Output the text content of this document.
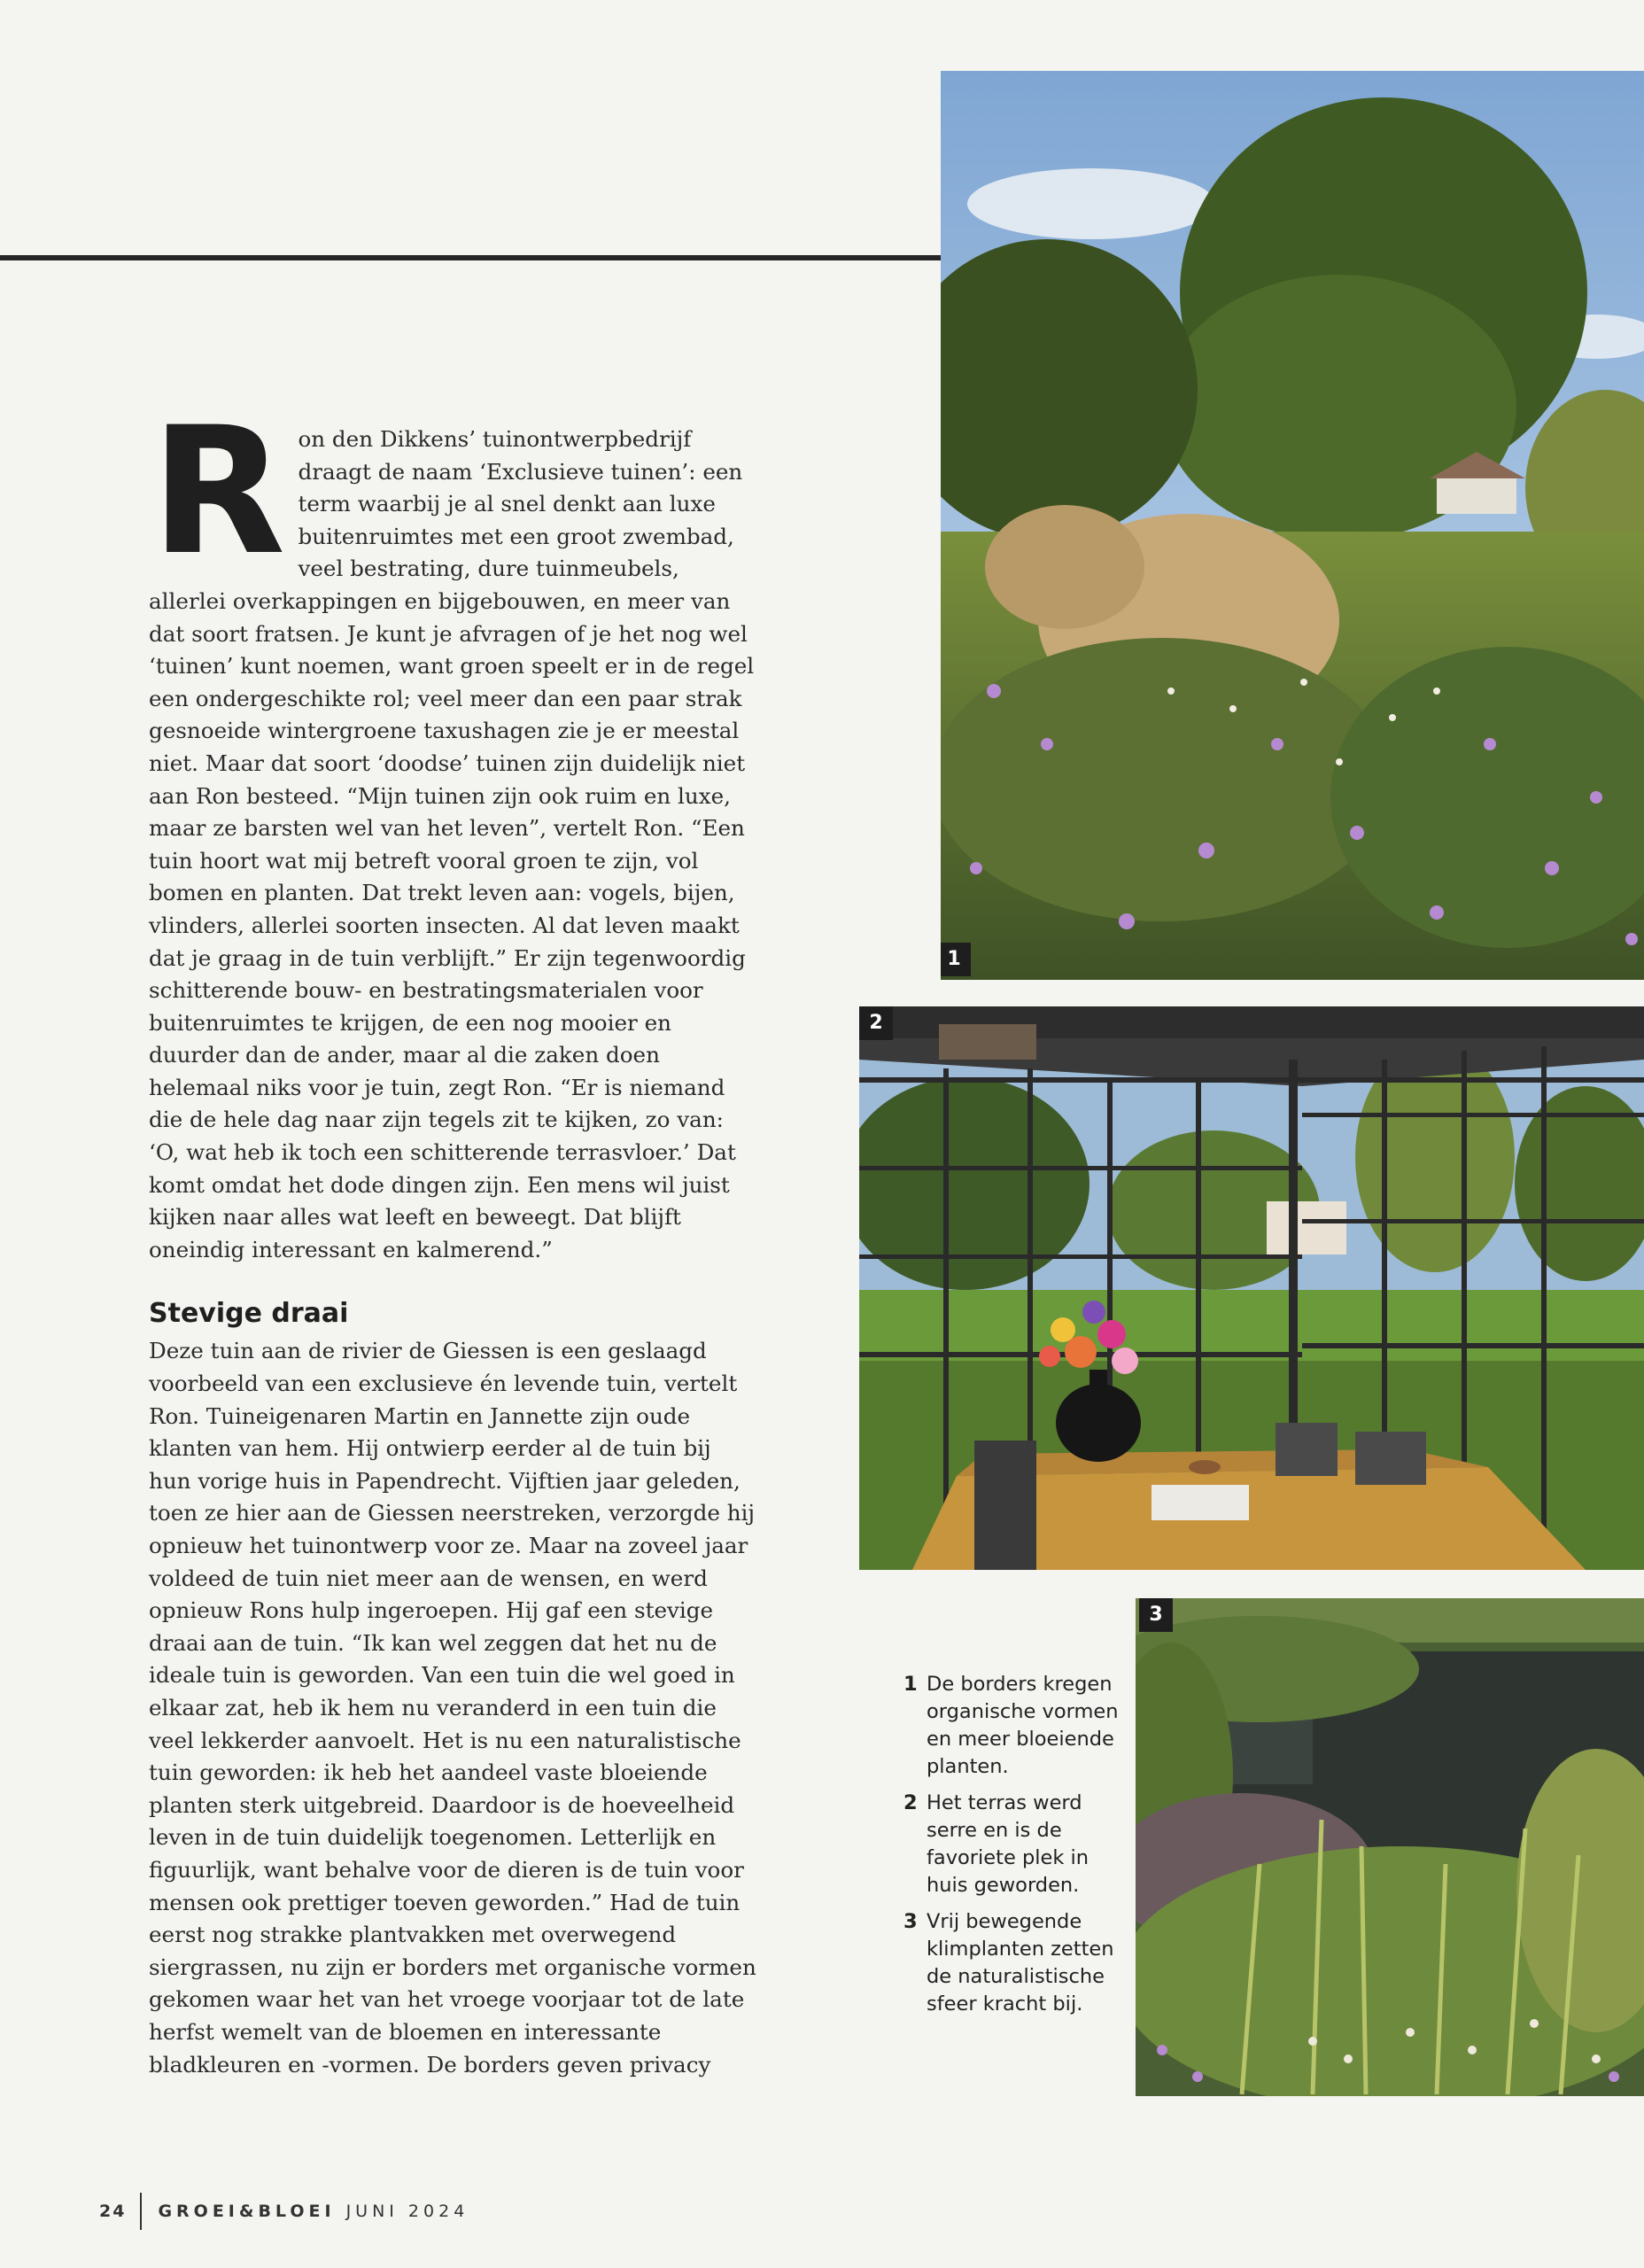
1
2
3

Ron den Dikkens’ tuinontwerpbedrijf draagt de naam ‘Exclusieve tuinen’: een term waarbij je al snel denkt aan luxe buitenruimtes met een groot zwembad, veel bestrating, dure tuinmeubels, allerlei overkappingen en bijgebouwen, en meer van dat soort fratsen. Je kunt je afvragen of je het nog wel ‘tuinen’ kunt noemen, want groen speelt er in de regel een ondergeschikte rol; veel meer dan een paar strak gesnoeide wintergroene taxushagen zie je er meestal niet. Maar dat soort ‘doodse’ tuinen zijn duidelijk niet aan Ron besteed. “Mijn tuinen zijn ook ruim en luxe, maar ze barsten wel van het leven”, vertelt Ron. “Een tuin hoort wat mij betreft vooral groen te zijn, vol bomen en planten. Dat trekt leven aan: vogels, bijen, vlinders, allerlei soorten insecten. Al dat leven maakt dat je graag in de tuin verblijft.” Er zijn tegenwoordig schitterende bouw- en bestratingsmaterialen voor buitenruimtes te krijgen, de een nog mooier en duurder dan de ander, maar al die zaken doen helemaal niks voor je tuin, zegt Ron. “Er is niemand die de hele dag naar zijn tegels zit te kijken, zo van: ‘O, wat heb ik toch een schitterende terrasvloer.’ Dat komt omdat het dode dingen zijn. Een mens wil juist kijken naar alles wat leeft en beweegt. Dat blijft oneindig interessant en kalmerend.”

Stevige draai

Deze tuin aan de rivier de Giessen is een geslaagd voorbeeld van een exclusieve én levende tuin, vertelt Ron. Tuineigenaren Martin en Jannette zijn oude klanten van hem. Hij ontwierp eerder al de tuin bij hun vorige huis in Papendrecht. Vijftien jaar geleden, toen ze hier aan de Giessen neerstreken, verzorgde hij opnieuw het tuinontwerp voor ze. Maar na zoveel jaar voldeed de tuin niet meer aan de wensen, en werd opnieuw Rons hulp ingeroepen. Hij gaf een stevige draai aan de tuin. “Ik kan wel zeggen dat het nu de ideale tuin is geworden. Van een tuin die wel goed in elkaar zat, heb ik hem nu veranderd in een tuin die veel lekkerder aanvoelt. Het is nu een naturalistische tuin geworden: ik heb het aandeel vaste bloeiende planten sterk uitgebreid. Daardoor is de hoeveelheid leven in de tuin duidelijk toegenomen. Letterlijk en figuurlijk, want behalve voor de dieren is de tuin voor mensen ook prettiger toeven geworden.” Had de tuin eerst nog strakke plantvakken met overwegend siergrassen, nu zijn er borders met organische vormen gekomen waar het van het vroege voorjaar tot de late herfst wemelt van de bloemen en interessante bladkleuren en -vormen. De borders geven privacy

1 De borders kregen organische vormen en meer bloeiende planten.
2 Het terras werd serre en is de favoriete plek in huis geworden.
3 Vrij bewegende klimplanten zetten de naturalistische sfeer kracht bij.
24 GROEI&BLOEI JUNI 2024
